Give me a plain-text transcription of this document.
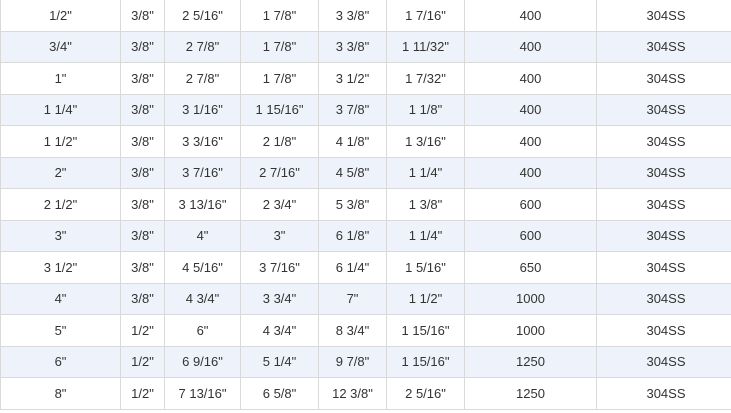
1/2"	3/8"	2 5/16"	1 7/8"	3 3/8"	1 7/16"	400	304SS
3/4"	3/8"	2 7/8"	1 7/8"	3 3/8"	1 11/32"	400	304SS
1"	3/8"	2 7/8"	1 7/8"	3 1/2"	1 7/32"	400	304SS
1 1/4"	3/8"	3 1/16"	1 15/16"	3 7/8"	1 1/8"	400	304SS
1 1/2"	3/8"	3 3/16"	2 1/8"	4 1/8"	1 3/16"	400	304SS
2"	3/8"	3 7/16"	2 7/16"	4 5/8"	1 1/4"	400	304SS
2 1/2"	3/8"	3 13/16"	2 3/4"	5 3/8"	1 3/8"	600	304SS
3"	3/8"	4"	3"	6 1/8"	1 1/4"	600	304SS
3 1/2"	3/8"	4 5/16"	3 7/16"	6 1/4"	1 5/16"	650	304SS
4"	3/8"	4 3/4"	3 3/4"	7"	1 1/2"	1000	304SS
5"	1/2"	6"	4 3/4"	8 3/4"	1 15/16"	1000	304SS
6"	1/2"	6 9/16"	5 1/4"	9 7/8"	1 15/16"	1250	304SS
8"	1/2"	7 13/16"	6 5/8"	12 3/8"	2 5/16"	1250	304SS
